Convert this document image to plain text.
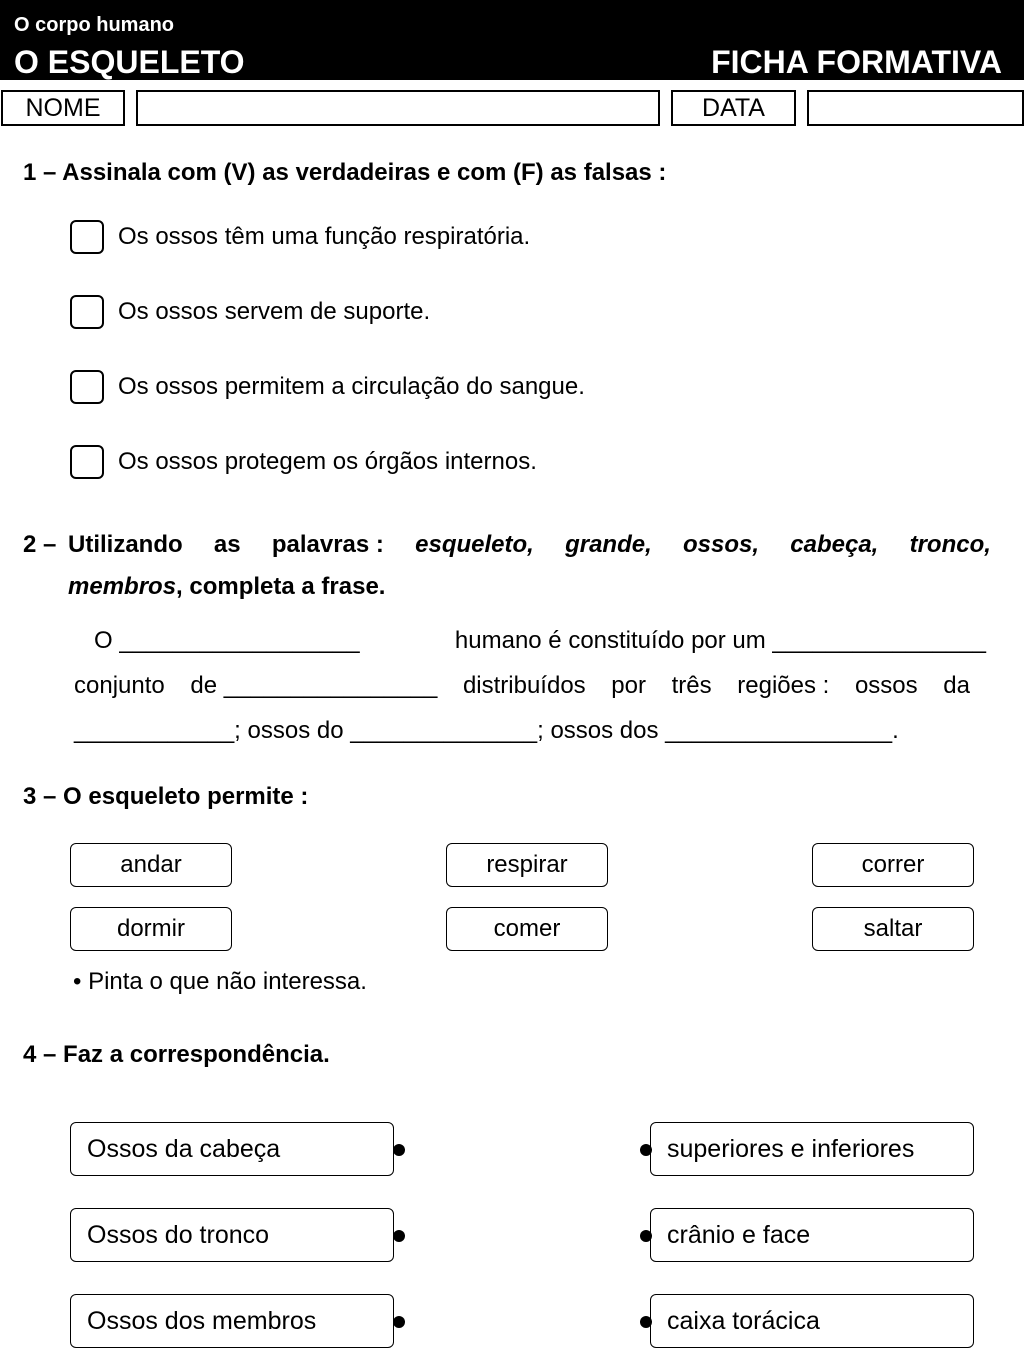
O corpo humano
O ESQUELETO	FICHA FORMATIVA
NOME	DATA
1 – Assinala com (V) as verdadeiras e com (F) as falsas :
Os ossos têm uma função respiratória.
Os ossos servem de suporte.
Os ossos permitem a circulação do sangue.
Os ossos protegem os órgãos internos.
2 – Utilizando as palavras : esqueleto, grande, ossos, cabeça, tronco,
membros, completa a frase.
O __________________	humano é constituído por um ________________
conjunto de ________________ distribuídos por três regiões : ossos da
____________; ossos do ______________; ossos dos _________________.
3 – O esqueleto permite :
andar	respirar	correr
dormir	comer	saltar
• Pinta o que não interessa.
4 – Faz a correspondência.
Ossos da cabeça	superiores e inferiores
Ossos do tronco	crânio e face
Ossos dos membros	caixa torácica
